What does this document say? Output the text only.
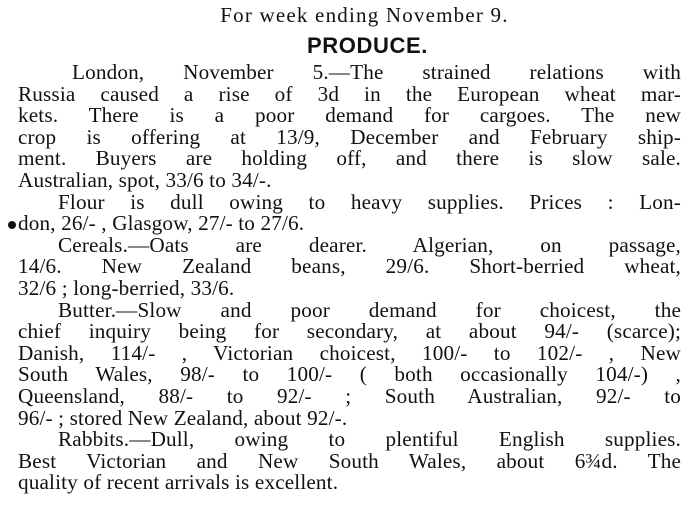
For week ending November 9.
PRODUCE.
London, November 5.—The strained relations with
Russia caused a rise of 3d in the European wheat mar-
kets. There is a poor demand for cargoes. The new
crop is offering at 13/9, December and February ship-
ment. Buyers are holding off, and there is slow sale.
Australian, spot, 33/6 to 34/-.
Flour is dull owing to heavy supplies. Prices : Lon-
don, 26/- , Glasgow, 27/- to 27/6.
Cereals.—Oats are dearer. Algerian, on passage,
14/6. New Zealand beans, 29/6. Short-berried wheat,
32/6 ; long-berried, 33/6.
Butter.—Slow and poor demand for choicest, the
chief inquiry being for secondary, at about 94/- (scarce);
Danish, 114/- , Victorian choicest, 100/- to 102/- , New
South Wales, 98/- to 100/- ( both occasionally 104/-) ,
Queensland, 88/- to 92/- ; South Australian, 92/- to
96/- ; stored New Zealand, about 92/-.
Rabbits.—Dull, owing to plentiful English supplies.
Best Victorian and New South Wales, about 6¾d. The
quality of recent arrivals is excellent.
